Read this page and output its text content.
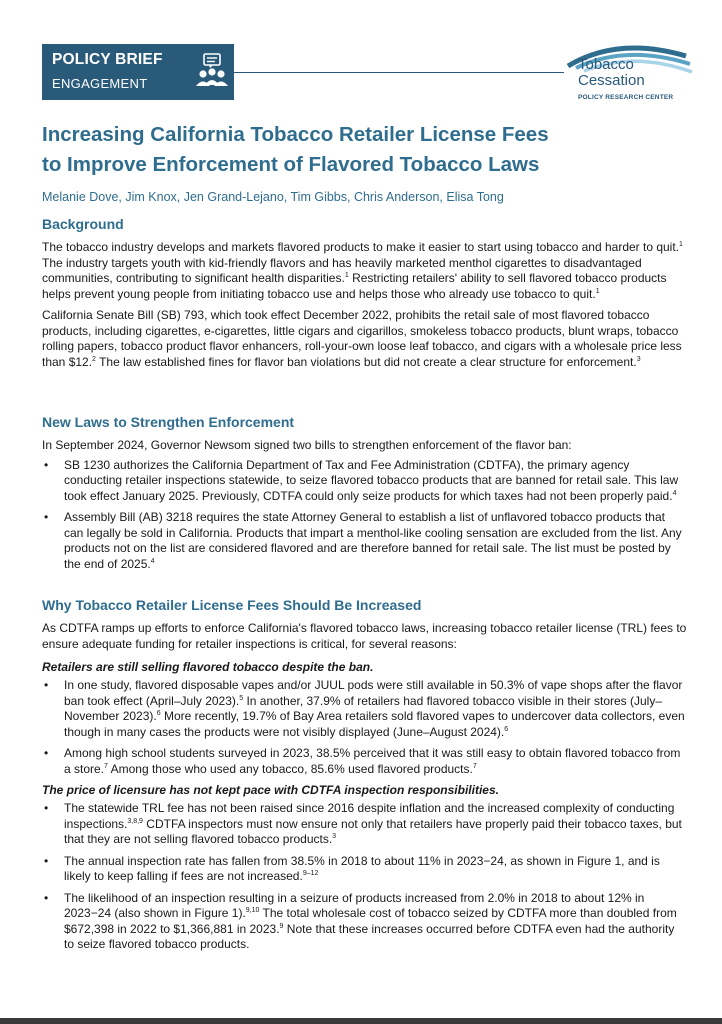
POLICY BRIEF
ENGAGEMENT
Tobacco
Cessation
POLICY RESEARCH CENTER
Increasing California Tobacco Retailer License Fees
to Improve Enforcement of Flavored Tobacco Laws
Melanie Dove, Jim Knox, Jen Grand-Lejano, Tim Gibbs, Chris Anderson, Elisa Tong
Background
The tobacco industry develops and markets flavored products to make it easier to start using tobacco and harder to quit.$^1$ The industry targets youth with kid-friendly flavors and has heavily marketed menthol cigarettes to disadvantaged communities, contributing to significant health disparities.$^1$ Restricting retailers' ability to sell flavored tobacco products helps prevent young people from initiating tobacco use and helps those who already use tobacco to quit.$^1$
California Senate Bill (SB) 793, which took effect December 2022, prohibits the retail sale of most flavored tobacco products, including cigarettes, e-cigarettes, little cigars and cigarillos, smokeless tobacco products, blunt wraps, tobacco rolling papers, tobacco product flavor enhancers, roll-your-own loose leaf tobacco, and cigars with a wholesale price less than $12.$^2$ The law established fines for flavor ban violations but did not create a clear structure for enforcement.$^3$
New Laws to Strengthen Enforcement
In September 2024, Governor Newsom signed two bills to strengthen enforcement of the flavor ban:
• SB 1230 authorizes the California Department of Tax and Fee Administration (CDTFA), the primary agency conducting retailer inspections statewide, to seize flavored tobacco products that are banned for retail sale. This law took effect January 2025. Previously, CDTFA could only seize products for which taxes had not been properly paid.$^4$
• Assembly Bill (AB) 3218 requires the state Attorney General to establish a list of unflavored tobacco products that can legally be sold in California. Products that impart a menthol-like cooling sensation are excluded from the list. Any products not on the list are considered flavored and are therefore banned for retail sale. The list must be posted by the end of 2025.$^4$
Why Tobacco Retailer License Fees Should Be Increased
As CDTFA ramps up efforts to enforce California's flavored tobacco laws, increasing tobacco retailer license (TRL) fees to ensure adequate funding for retailer inspections is critical, for several reasons:
Retailers are still selling flavored tobacco despite the ban.
• In one study, flavored disposable vapes and/or JUUL pods were still available in 50.3% of vape shops after the flavor ban took effect (April–July 2023).$^5$ In another, 37.9% of retailers had flavored tobacco visible in their stores (July–November 2023).$^6$ More recently, 19.7% of Bay Area retailers sold flavored vapes to undercover data collectors, even though in many cases the products were not visibly displayed (June–August 2024).$^6$
• Among high school students surveyed in 2023, 38.5% perceived that it was still easy to obtain flavored tobacco from a store.$^7$ Among those who used any tobacco, 85.6% used flavored products.$^7$
The price of licensure has not kept pace with CDTFA inspection responsibilities.
• The statewide TRL fee has not been raised since 2016 despite inflation and the increased complexity of conducting inspections.$^{3,8,9}$ CDTFA inspectors must now ensure not only that retailers have properly paid their tobacco taxes, but that they are not selling flavored tobacco products.$^3$
• The annual inspection rate has fallen from 38.5% in 2018 to about 11% in 2023−24, as shown in Figure 1, and is likely to keep falling if fees are not increased.$^{9-12}$
• The likelihood of an inspection resulting in a seizure of products increased from 2.0% in 2018 to about 12% in 2023−24 (also shown in Figure 1).$^{9,10}$ The total wholesale cost of tobacco seized by CDTFA more than doubled from $672,398 in 2022 to $1,366,881 in 2023.$^9$ Note that these increases occurred before CDTFA even had the authority to seize flavored tobacco products.
